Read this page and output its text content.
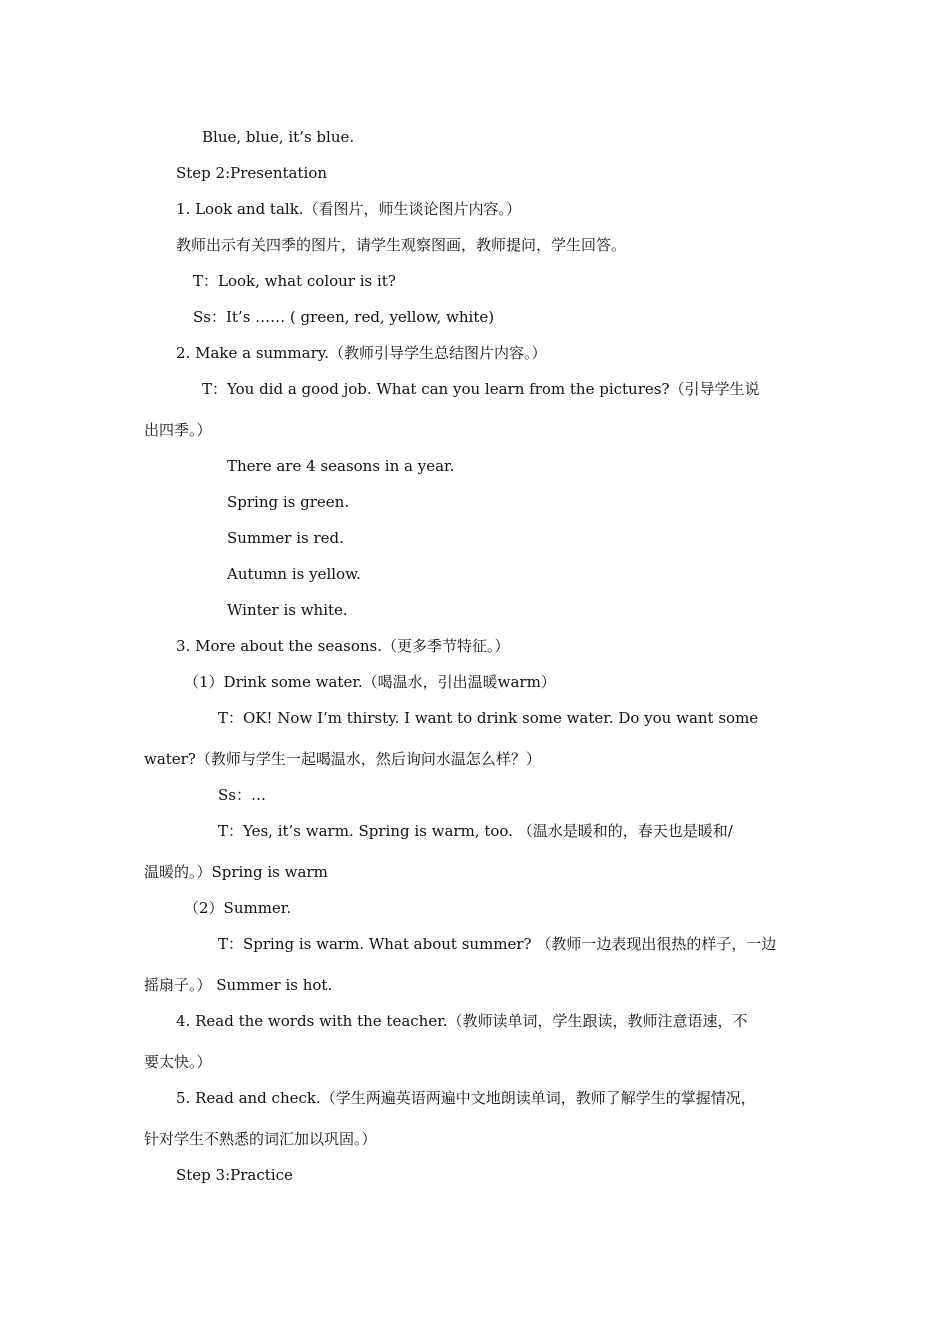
Blue, blue, it’s blue.

Step 2:Presentation

1. Look and talk.（看图片，师生谈论图片内容。）

教师出示有关四季的图片，请学生观察图画，教师提问，学生回答。

T：Look, what colour is it?

Ss：It’s …… ( green, red, yellow, white)

2. Make a summary.（教师引导学生总结图片内容。）

T：You did a good job. What can you learn from the pictures?（引导学生说

出四季。）

There are 4 seasons in a year.

Spring is green.

Summer is red.

Autumn is yellow.

Winter is white.

3. More about the seasons.（更多季节特征。）

（1）Drink some water.（喝温水，引出温暖warm）

T：OK! Now I’m thirsty. I want to drink some water. Do you want some

water?（教师与学生一起喝温水，然后询问水温怎么样？）

Ss：…

T：Yes, it’s warm. Spring is warm, too. （温水是暖和的，春天也是暖和/

温暖的。）Spring is warm

（2）Summer.

T：Spring is warm. What about summer? （教师一边表现出很热的样子，一边

摇扇子。） Summer is hot.

4. Read the words with the teacher.（教师读单词，学生跟读，教师注意语速，不

要太快。）

5. Read and check.（学生两遍英语两遍中文地朗读单词，教师了解学生的掌握情况，

针对学生不熟悉的词汇加以巩固。）

Step 3:Practice
